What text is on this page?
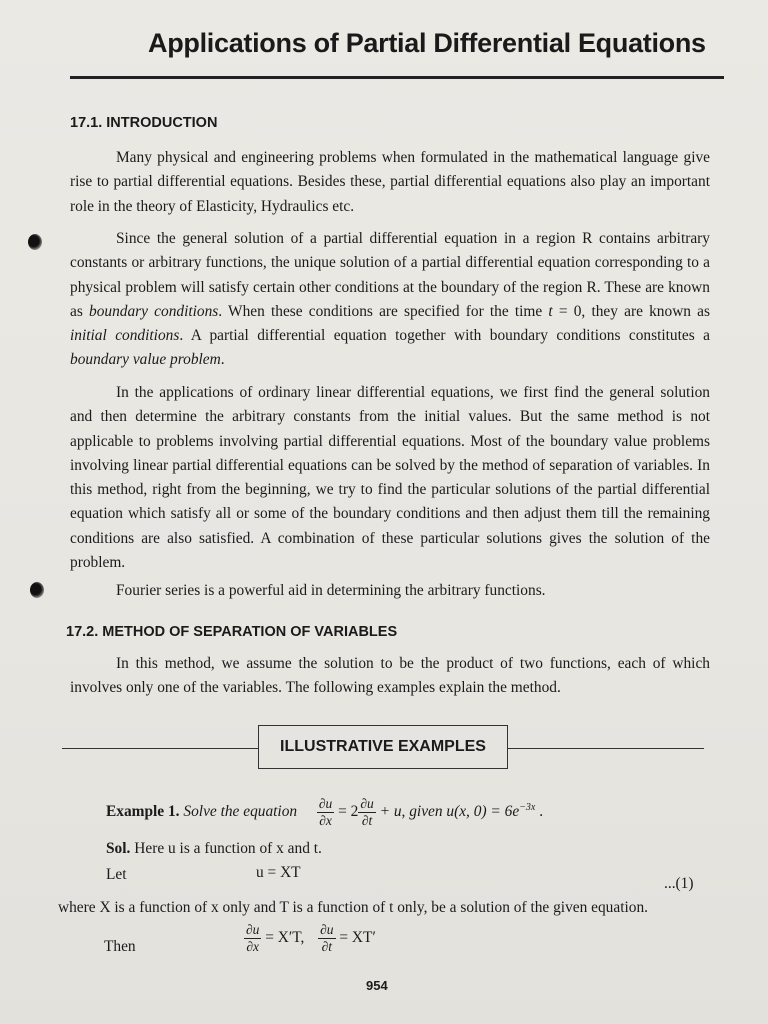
Applications of Partial Differential Equations
17.1. INTRODUCTION

Many physical and engineering problems when formulated in the mathematical language give rise to partial differential equations. Besides these, partial differential equations also play an important role in the theory of Elasticity, Hydraulics etc.

Since the general solution of a partial differential equation in a region R contains arbitrary constants or arbitrary functions, the unique solution of a partial differential equation corresponding to a physical problem will satisfy certain other conditions at the boundary of the region R. These are known as boundary conditions. When these conditions are specified for the time t = 0, they are known as initial conditions. A partial differential equation together with boundary conditions constitutes a boundary value problem.

In the applications of ordinary linear differential equations, we first find the general solution and then determine the arbitrary constants from the initial values. But the same method is not applicable to problems involving partial differential equations. Most of the boundary value problems involving linear partial differential equations can be solved by the method of separation of variables. In this method, right from the beginning, we try to find the particular solutions of the partial differential equation which satisfy all or some of the boundary conditions and then adjust them till the remaining conditions are also satisfied. A combination of these particular solutions gives the solution of the problem.

Fourier series is a powerful aid in determining the arbitrary functions.

17.2. METHOD OF SEPARATION OF VARIABLES

In this method, we assume the solution to be the product of two functions, each of which involves only one of the variables. The following examples explain the method.

ILLUSTRATIVE EXAMPLES
Example 1. Solve the equation $\frac{\partial u}{\partial x} = 2 \frac{\partial u}{\partial t} + u$, given u(x, $0) = 6e^{-3x}$ .
Sol. Here u is a function of x and t.
Let	u = XT
...(1)
where X is a function of x only and T is a function of t only, be a solution of the given equation.
Then	$\frac{\partial u}{\partial x} = X'T$, $\frac{\partial u}{\partial t} = XT'$
954
